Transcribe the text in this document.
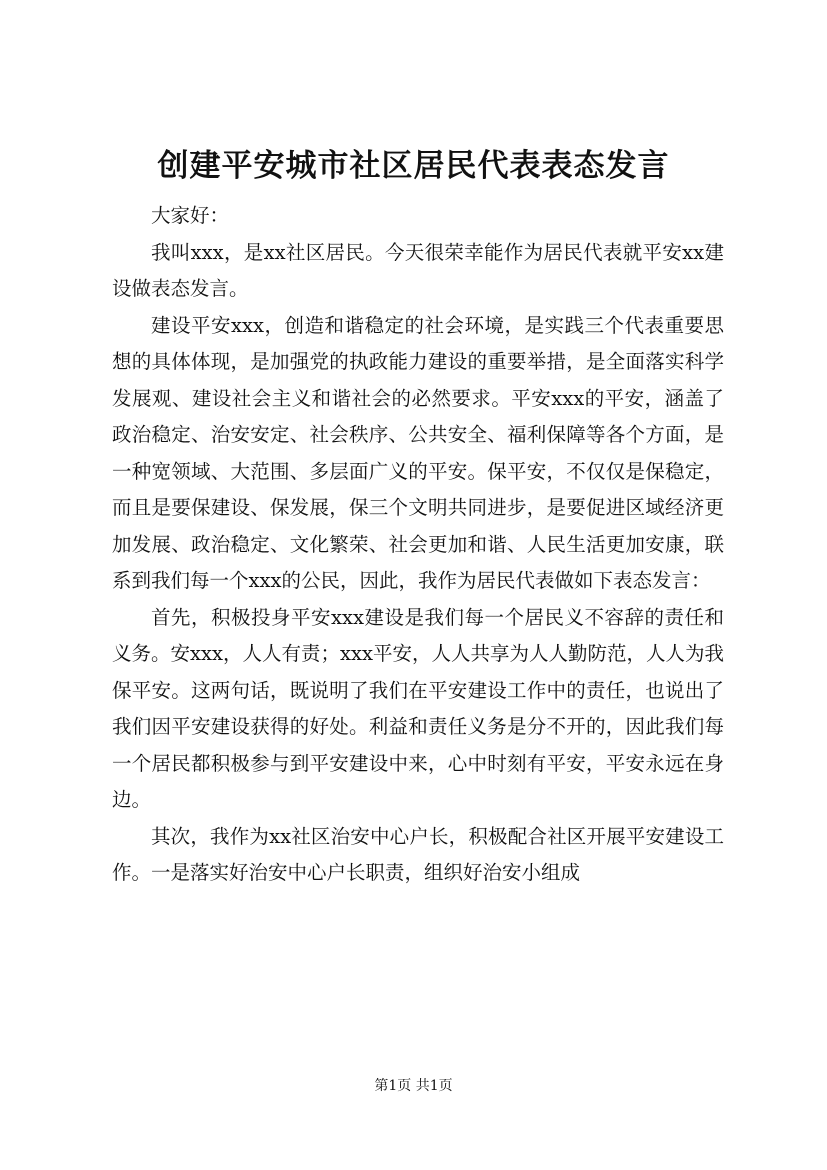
创建平安城市社区居民代表表态发言

大家好：

我叫xxx，是xx社区居民。今天很荣幸能作为居民代表就平安xx建设做表态发言。

建设平安xxx，创造和谐稳定的社会环境，是实践三个代表重要思想的具体体现，是加强党的执政能力建设的重要举措，是全面落实科学发展观、建设社会主义和谐社会的必然要求。平安xxx的平安，涵盖了政治稳定、治安安定、社会秩序、公共安全、福利保障等各个方面，是一种宽领域、大范围、多层面广义的平安。保平安，不仅仅是保稳定，而且是要保建设、保发展，保三个文明共同进步，是要促进区域经济更加发展、政治稳定、文化繁荣、社会更加和谐、人民生活更加安康，联系到我们每一个xxx的公民，因此，我作为居民代表做如下表态发言：

首先，积极投身平安xxx建设是我们每一个居民义不容辞的责任和义务。安xxx，人人有责；xxx平安，人人共享为人人勤防范，人人为我保平安。这两句话，既说明了我们在平安建设工作中的责任，也说出了我们因平安建设获得的好处。利益和责任义务是分不开的，因此我们每一个居民都积极参与到平安建设中来，心中时刻有平安，平安永远在身边。

其次，我作为xx社区治安中心户长，积极配合社区开展平安建设工作。一是落实好治安中心户长职责，组织好治安小组成

第1页 共1页
